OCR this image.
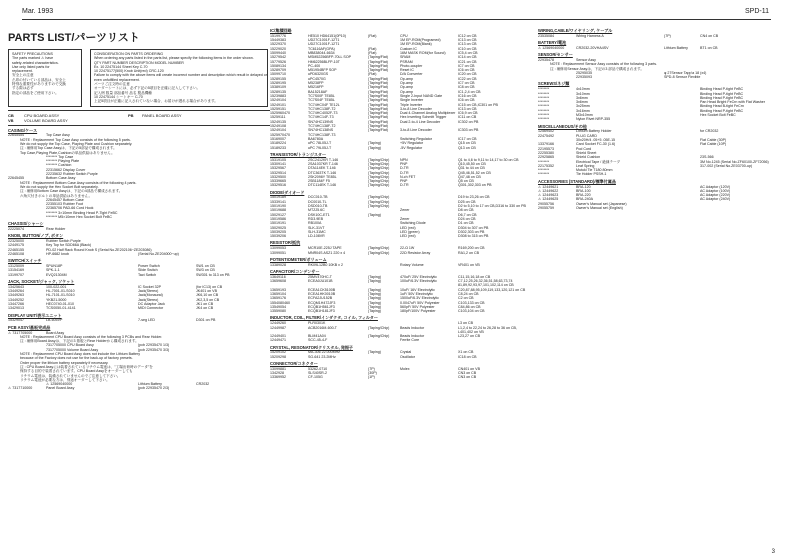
Mar. 1993	SPD-11
PARTS LIST/パーツリスト
SAFETY PRECAUTIONS
The parts marked ⚠ have
safety-related characteristics.
Use only listed parts for
replacement.
安全上の注意
⚠印の付いている部品は、安全上
特別な重要性がありますので交換
する際は必ず
指定の部品をご使用下さい。
CONSIDERATION ON PARTS ORDERING
When ordering any parts listed in the parts list, please specify the following items in the order shown.
QTY PART NUMBER DESCRIPTION MODEL NUMBER
Ex. 10 22475144 Sheet Key C-70
10 22475177(500) Knob Unit(red) CRC-120
Failure to comply with the above items will create incorrect number and description which result in delayed or
even unfulfilled replacement.
パーツご注文時の注意
オーダーシートには、必ず下記の5項目を正確に記入して下さい。
記入例 数量 部品番号 品名 製品機種
10 22475144 シートキー C-70
上記5項目が正確に記入されていない場合、お届けが遅れる場合があります。
CB	CPU BOARD ASSY	PB	PANEL BOARD ASSY
VB	VOLUME BOARD ASSY
CASING/ケース
22645454	Top Case Assy
NOTE : Replacement Top Case Assy consists of the following 5 parts.
We do not supply the Top Case, Playing Plate and Cushion separately.
注 : 補修用Top Case Assyは、下記の5部品で構成されます。
Top Case,Playing Plate,Cushionの単品供給はありません。
******** Top Case
******** Playing Plate
******** Cushion
22315662 Display Cover
22235632 Rubber Switch Purple
22645455	Bottom Case Assy
NOTE : Replacement Bottom Case Assy consists of the following 4 parts.
We do not supply the Hex Socket Bolt separately.
注 : 補修用Bottom Case Assyは、下記の4部品で構成されます。
六角穴付きボルトの単品供給はありません。
22645457 Bottom Case
22355103 Rubber Foot
22365706 PAD-66 Cord Hook
******** 3×10mm Binding Head P-Tight FeBC
******** M5×10mm Hex Socket Bolt FeBC
CHASSIS/シャーシ
22225074	Rear Holder
KNOB, BUTTON/ノブ, ボタン
22325000	Rubber Switch Purple
12449175	Key Top for SDD66A (Black)
22465155	PD-02 Half Rack Round Knob S (Serial No.ZE202106~ZE203086)
22465108	HP-6682 knob	(Serial No.ZE204000~up)
SWITCH/スイッチ
13125009	SPUN18P	Power Switch	SW1 on CB
13154169	SPK-1-1	Slide Switch	SW3 on CB
13199707	EVQ21304M	Tact Switch	SW301 to 313 on PB
JACK, SOCKET/ジャック, ソケット
13425643	100-022-001	IC Socket 32P	(for IC13) on CB
13449264	HL-7001-01-S010	Jack(Stereo)	JK401 on VB
13449263	HL-7101-01-S010	Jack(Monaural)	JK6,10 on CB
13449252	YKB21-5000	Jack(Stereo)	JK2,3,5 on CB
13447266	HEC0740-01-010	DC Adaptor Jack	JK1 on CB
13429013	TCS0050-01-4141	MIDI Connector	JK4 on CB
DISPLAY UNIT/表示ユニット
15329047	LB-605VP	7-seg LED	D301 on PB
PCB ASSY/基板完成品
⚠ 7317705000	Board Assy
NOTE : Replacement CPU Board Assy consists of the following 3 PCBs and Rear Holder.
注 : 補修用Board Assyは、下記の3 基板とRear Holderから構成されます。
7317705000 CPU Board Assy	(pcb 22935470 1/3)
7317705000 Volume Board Assy	(pcb 22935470 3/3)
NOTE : Replacement CPU Board Assy does not include the Lithium Battery
because of the Factory does not use for the back-up of factory presets.
Order proper the lithium battery separately if necessary.
注 : CPU Board Assyには装着されているリチウム電池は、"工場出荷時のデータ"を
保持する目的で装着されています。CPU Board Assyをオーダーしても
リチウム電池は、装備されていませんのでご注意して下さい。
リチウム電池が必要な方は、別途オーダーして下さい。
⚠ 12569040000	Lithium Battery	CR2032
⚠ 7317710000	Panel Board Assy	(pcb 22935470 2/3)
IC/集積回路
15199776	HE510 HD64151(0P10)	(Flat)	CPU	IC12 on CB
15449383	UD27C1001F-12T1	1M EP-ROM(Programed)	IC13 on CB
15229370	UD27C1001F-12T1	1M EP-ROM(Blank)	IC13 on CB
15229020	TC6116AF(GPA)	(Flat)	Custom IC	IC10 on CB
15099440	MB838044-6634	(Flat)	16M MASK ROM(for Sound)	IC5,4 on CB
15279542	MSM52256BFP-70LL SOP	(Taping/Flat)	SRAM	IC14 on CB
15779526	HM62256BLFP-10T	(Taping/Flat)	PSRAM	IC21 on CB
15089134	PC-400	(Taping/Flat)	Photo-coupler	IC7 on CB
15289709	M51954BFP SOP	(Taping/Flat)	Reset IC	IC6 on CB
15099710	uPD6320GS	(Flat)	D/A Converter	IC20 on CB
15289155	uPC4570G	(Taping/Flat)	Op-amp	IC22 on CB
15289195	M5238FP	(Taping/Flat)	Op-amp	IC7 on CB
15389109	M5216FP	(Taping/Flat)	Op-amp	IC8 on CB
15289135	BA15218AF	(Taping/Flat)	Op-amp	IC1,2,4 on CB
15239883	TC7S00F TE85L	(Taping/Flat)	Single 2-Input NAND Gate	IC16 on CB
15249104	TC7S04F TE85L	(Taping/Flat)	Single Inverter	IC6 on CB
15249101	TC74HC04F TE12L	(Taping/Flat)	Triple Inverter	IC15 on CB,IC301 on PB
15259151	TC74HC138F-T2	(Taping/Flat)	3-to-8 Line Decoder	IC13 on CB
1525960470	TC74HC4052F-T3	(Taping/Flat)	Dual 4-Channel Analog Multiplexer IC6,9 on CB
15259111	TC74HC14F-T3	(Taping/Flat)	Hex Inverting Schmitt Trigger	IC11 on CB
15249135	SN74HC139NS	(Taping/Flat)	Dual 2-to-4 Line Decoder	IC302 on PB
15249108	TC74HC138F-T2	(Taping/Flat)
15249104	SN74HC138NS	(Taping/Flat)	3-to-8 Line Decoder	IC303 on PB
1525970470	TC74HC138F-T3
15169007	BA6780A	Switching Regulator	IC17 on CB
15189224	uPC 78L05J-T	(Taping)	+5V Regulator	Q15 on CB
15189233	uPC 79L05J-T	(Taping)	-5V Regulator	Q13 on CB
TRANSISTOR/トランジスター
15319105	2SC2412KR T-146	(Taping/Chip)	NPN	Q1 to 4,6 to 9,11 to 14,17 to 30 on CB
15309141	2SA1037KR T-146	(Taping/Chip)	PNP	Q10,45,50 on CB
15329567	DTA114EK T-146	(Taping/Chip)	D-TR	Q31 to 44 on CB
15329514	DTC363TK T-146	(Taping/Chip)	D-TR	Q45,46,51,52 on CB
15329500	2SK2098Y TE85L	(Taping/Chip)	N-ch FET	Q47,48 on CB
15339665	2SB1184F F5	(Taping/Chip)	PNP	Q5 on CB
15329516	DTC114EK T-146	(Taping/Chip)	D-TR	Q301,302,303 on PB
DIODE/ダイオード
15019189	DCC010-TB	(Taping/Chip)	D19 to 23,26 on CB
15339141	DC0010-TL	(Taping/Chip)	D25 on CB
15019190	DSD010-TB	(Taping/Chip)	D2 to 5,10 to 17 on CB,D316 to 330 on PB
15019688	MTZJ5.6C	Zener	D8 on CB
15029127	DSK10C-ET1	(Taping)	D6,7 on CB
15019586	RD3.9EB	Zener	D24 on CB
15019191	RB100A	Switching Diode	D1 on CB
15029025	SLK-31VT	LED (red)	D304 to 307 on PB
15039205	SLH-31MC	LED (green)	D302,303 on PB
15039206	LD-108VR	LED (red)	D308 to 315 on PB
RESISTOR/抵抗
13099053	MCR10E-225J TAPE	(Taping/Chip)	22-Ω 1W	R169,200 on CB
13099051	MNR04S ASZ1 220 x 4	(Taping/Chip)	22Ω Resistor Array	RA1,2 on CB
POTENTIOMETER/ボリューム
13389028	RK09L12B0 10KB x 2	Rotary Volume	VR401 on VB
CAPACITOR/コンデンサー
13649116	25MV470HC-T	(Taping)	470uF/ 25V Electrolytic	C11,15,16,18 on CB
13659608	ECEA0JU101B	(Taping)	100uF/6.3V Electrolytic	C7,12,25,26,32,36,51,58,63,73,74
81,89,92,93,97,101,102,114 on CB
13659193	ECEA1CK5100B	(Taping)	10uF/ 16V Electrolytic	C20,87,88,95,109,119,133,120,121 on CB
13659104	ECEA1HK0010B	(Taping)	1uF/ 50V Electrolytic	C8,24 on CB
13659176	ECFA2JU152B	(Taping)	1500uF/6.3V Electrolytic	C2 on CB
1554080460	ECQM1H472JF3	(Taping)	0.0047uF/ 50V Polyester	C103,133 on CB
13549054	ECQB1H561JF3	(Taping)	560pF/ 50V Polyester	C84,86 on CB
13559080	ECQB1H181JF3	(Taping)	180pF/100V Polyester	C103,104 on CB
INDUCTOR, COIL, FILTER/インダクタ, コイル, フィルター
12449260	PLR0301K	L3 on CB
12449987	ACB2016M-600-T	(Taping/Chip)	Beads Inductor	L1,2,4 to 22,24 to 26,28 to 36 on CB,
L401,402 on VB
12449401	BLM41A04	(Taping/Chip)	Beads Inductor	L23,27 on CB
12449471	SCC-45-4-F	Ferrite Core
CRYSTAL, RESONATOR/クリスタル, 発振子
15209102	MA-306 22.000MHz	(Taping)	Crystal	X1 on CB
15209298	SG-641 23.2MHz	Oscillator	IC18 on CB
CONNECTOR/コネクター
13099881	53262-0710	(7P)	Molex	CN401 on VB
1342928	SLS40SR-2	(30P)	CN3 on CB
13369952	CF-105G	(1P)	CN3 on CB
WIRING,CABLE/ワイヤリング, ケーブル
23535084	Wiring Harness A	(7P)	CN4 on CB
BATTERY/電池
⚠ 12569040000	CR2032-20VHA4SV	Lithium Battery	BT1 on CB
SENSOR/センサー
22935478	Sensor Assy
NOTE : Replacement Sensor Assy consists of the following 3 parts.
注 : 補修用Sensor Assyは、下記の3 部品で構成されます。
25295035	φ 27Sensor Tapp'a 18 (x4)
22935093	SPD-8 Sensor Flexible
SCREWS/ネジ類
********	4x10mm	Binding Head P-tight FeBC
********	3x10mm	Binding Head P-tight FeBC
********	3x6mm	Binding Head P-tight FeBC
********	3x6mm	Pan Head Bright FeCrn with Flat Washer
********	3x25mm	Binding Head B-tight FeCrn
********	3x16mm	Binding Head P-tight FeBC
********	M3x10mm	Hex Socket Bolt FeBC
********	Nylon Rivet NRP-355
MISCELLANEOUS/その他
12569402	Lithium Battery Holder	for CR2032
22475492	PLUG CARD
30x20H/4 .05+5 .05E-15	Flat Cable (30P)
13379166	Card Socket FC-30 (1.6)	Flat Cable (10P)
22195573	Pod Cord
22255380	Shield Sheet
22925865	Shield Cushion	23S-566
********	Electrical Tape / 絶縁テープ	3M No.1245 (Serial No.ZF60100-ZF72056)
22175352	Leaf Spring	317-002 (Serial No.ZE03700-up)
********	Mutuki Tie T180 80mm
********	Tie Holder PSSH-1
ACCESSORIES (STANDARD)/標準付属品
⚠ 12449621	BRA-120	AC Adaptor (120V)
⚠ 12449622	BRA-100	AC Adaptor (100V)
⚠ 12449623	BRA-220	AC Adaptor (220V)
⚠ 12449625	BRA-240A	AC Adaptor (240V)
29055756	Owner's Manual set (Japanese)
29055759	Owner's Manual set (English)
3
